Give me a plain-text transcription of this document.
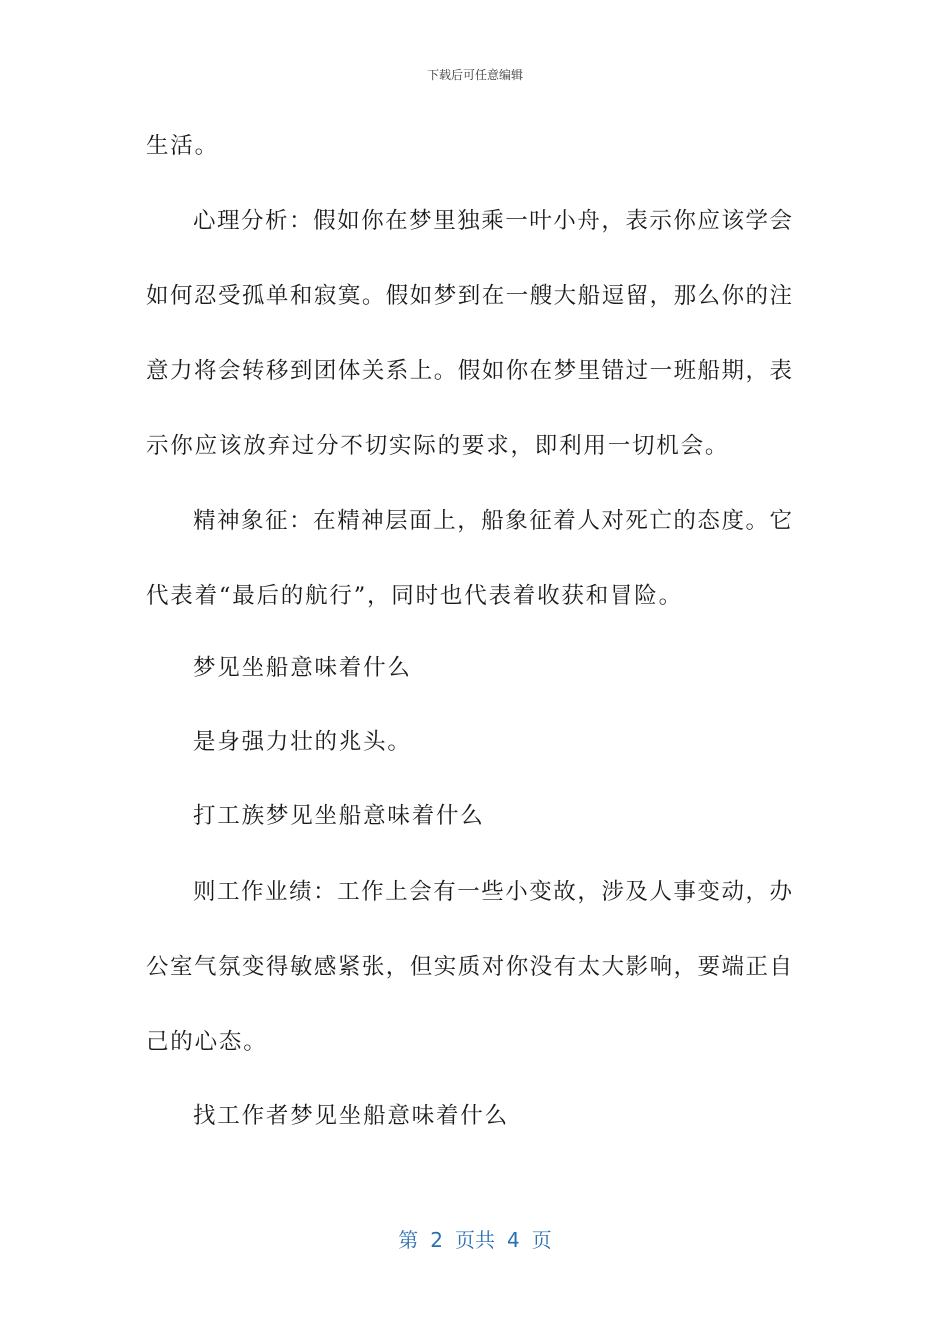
下载后可任意编辑
生活。
心理分析：假如你在梦里独乘一叶小舟，表示你应该学会
如何忍受孤单和寂寞。假如梦到在一艘大船逗留，那么你的注
意力将会转移到团体关系上。假如你在梦里错过一班船期，表
示你应该放弃过分不切实际的要求，即利用一切机会。
精神象征：在精神层面上，船象征着人对死亡的态度。它
代表着“最后的航行”，同时也代表着收获和冒险。
梦见坐船意味着什么
是身强力壮的兆头。
打工族梦见坐船意味着什么
则工作业绩：工作上会有一些小变故，涉及人事变动，办
公室气氛变得敏感紧张，但实质对你没有太大影响，要端正自
己的心态。
找工作者梦见坐船意味着什么
第 2 页共 4 页
